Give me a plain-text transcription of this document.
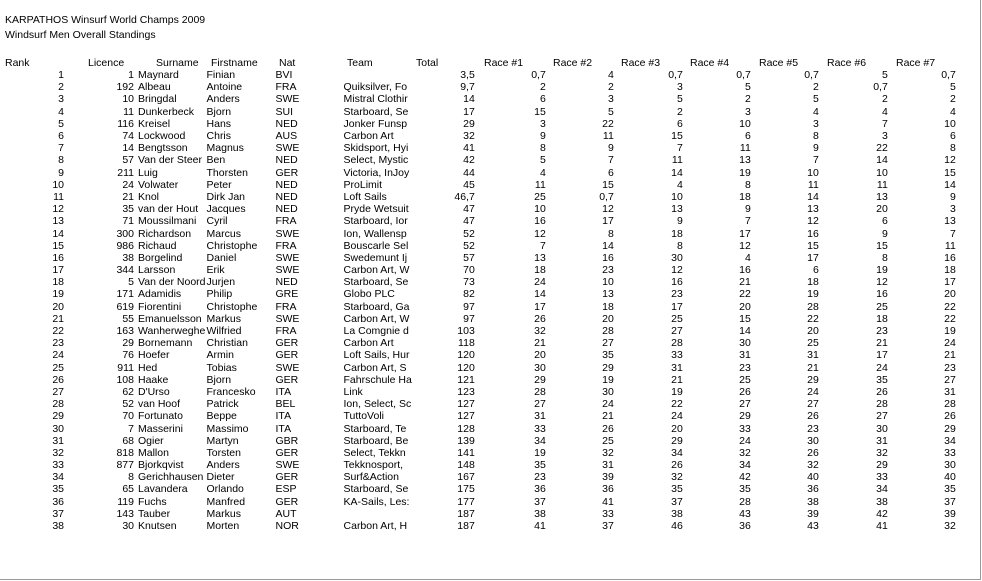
KARPATHOS Winsurf World Champs 2009
Windsurf Men Overall Standings
Rank	Licence	Surname Firstname Nat	Team	Total	Race #1	Race #2	Race #3	Race #4	Race #5	Race #6	Race #7
1	1	Maynard	Finian	BVI		3,5	0,7	4	0,7	0,7	0,7	5	0,7
2	192	Albeau	Antoine	FRA	Quiksilver, Fo	9,7	2	2	3	5	2	0,7	5
3	10	Bringdal	Anders	SWE	Mistral Clothir	14	6	3	5	2	5	2	2
4	11	Dunkerbeck	Bjorn	SUI	Starboard, Se	17	15	5	2	3	4	4	4
5	116	Kreisel	Hans	NED	Jonker Funsp	29	3	22	6	10	3	7	10
6	74	Lockwood	Chris	AUS	Carbon Art	32	9	11	15	6	8	3	6
7	14	Bengtsson	Magnus	SWE	Skidsport, Hyi	41	8	9	7	11	9	22	8
8	57	Van der Steer	Ben	NED	Select, Mystic	42	5	7	11	13	7	14	12
9	211	Luig	Thorsten	GER	Victoria, InJoy	44	4	6	14	19	10	10	15
10	24	Volwater	Peter	NED	ProLimit	45	11	15	4	8	11	11	14
11	21	Knol	Dirk Jan	NED	Loft Sails	46,7	25	0,7	10	18	14	13	9
12	35	van der Hout	Jacques	NED	Pryde Wetsuit	47	10	12	13	9	13	20	3
13	71	Moussilmani	Cyril	FRA	Starboard, Ior	47	16	17	9	7	12	6	13
14	300	Richardson	Marcus	SWE	Ion, Wallensp	52	12	8	18	17	16	9	7
15	986	Richaud	Christophe	FRA	Bouscarle Sel	52	7	14	8	12	15	15	11
16	38	Borgelind	Daniel	SWE	Swedemunt Ij	57	13	16	30	4	17	8	16
17	344	Larsson	Erik	SWE	Carbon Art, W	70	18	23	12	16	6	19	18
18	5	Van der Noord	Jurjen	NED	Starboard, Se	73	24	10	16	21	18	12	17
19	171	Adamidis	Philip	GRE	Globo PLC	82	14	13	23	22	19	16	20
20	619	Fiorentini	Christophe	FRA	Starboard, Ga	97	17	18	17	20	28	25	22
21	55	Emanuelsson	Markus	SWE	Carbon Art, W	97	26	20	25	15	22	18	22
22	163	Wanherweghe	Wilfried	FRA	La Comgnie d	103	32	28	27	14	20	23	19
23	29	Bornemann	Christian	GER	Carbon Art	118	21	27	28	30	25	21	24
24	76	Hoefer	Armin	GER	Loft Sails, Hur	120	20	35	33	31	31	17	21
25	911	Hed	Tobias	SWE	Carbon Art, S	120	30	29	31	23	21	24	23
26	108	Haake	Bjorn	GER	Fahrschule Ha	121	29	19	21	25	29	35	27
27	62	D'Urso	Francesko	ITA	Link	123	28	30	19	26	24	26	31
28	52	van Hoof	Patrick	BEL	Ion, Select, Sc	127	27	24	22	27	27	28	28
29	70	Fortunato	Beppe	ITA	TuttoVoli	127	31	21	24	29	26	27	26
30	7	Masserini	Massimo	ITA	Starboard, Te	128	33	26	20	33	23	30	29
31	68	Ogier	Martyn	GBR	Starboard, Be	139	34	25	29	24	30	31	34
32	818	Mallon	Torsten	GER	Select, Tekkn	141	19	32	34	32	26	32	33
33	877	Bjorkqvist	Anders	SWE	Tekknosport,	148	35	31	26	34	32	29	30
34	8	Gerichhausen	Dieter	GER	Surf&Action	167	23	39	32	42	40	33	40
35	65	Lavandera	Orlando	ESP	Starboard, Se	175	36	36	35	35	36	34	35
36	119	Fuchs	Manfred	GER	KA-Sails, Les:	177	37	41	37	28	38	38	37
37	143	Tauber	Markus	AUT		187	38	33	38	43	39	42	39
38	30	Knutsen	Morten	NOR	Carbon Art, H	187	41	37	46	36	43	41	32
